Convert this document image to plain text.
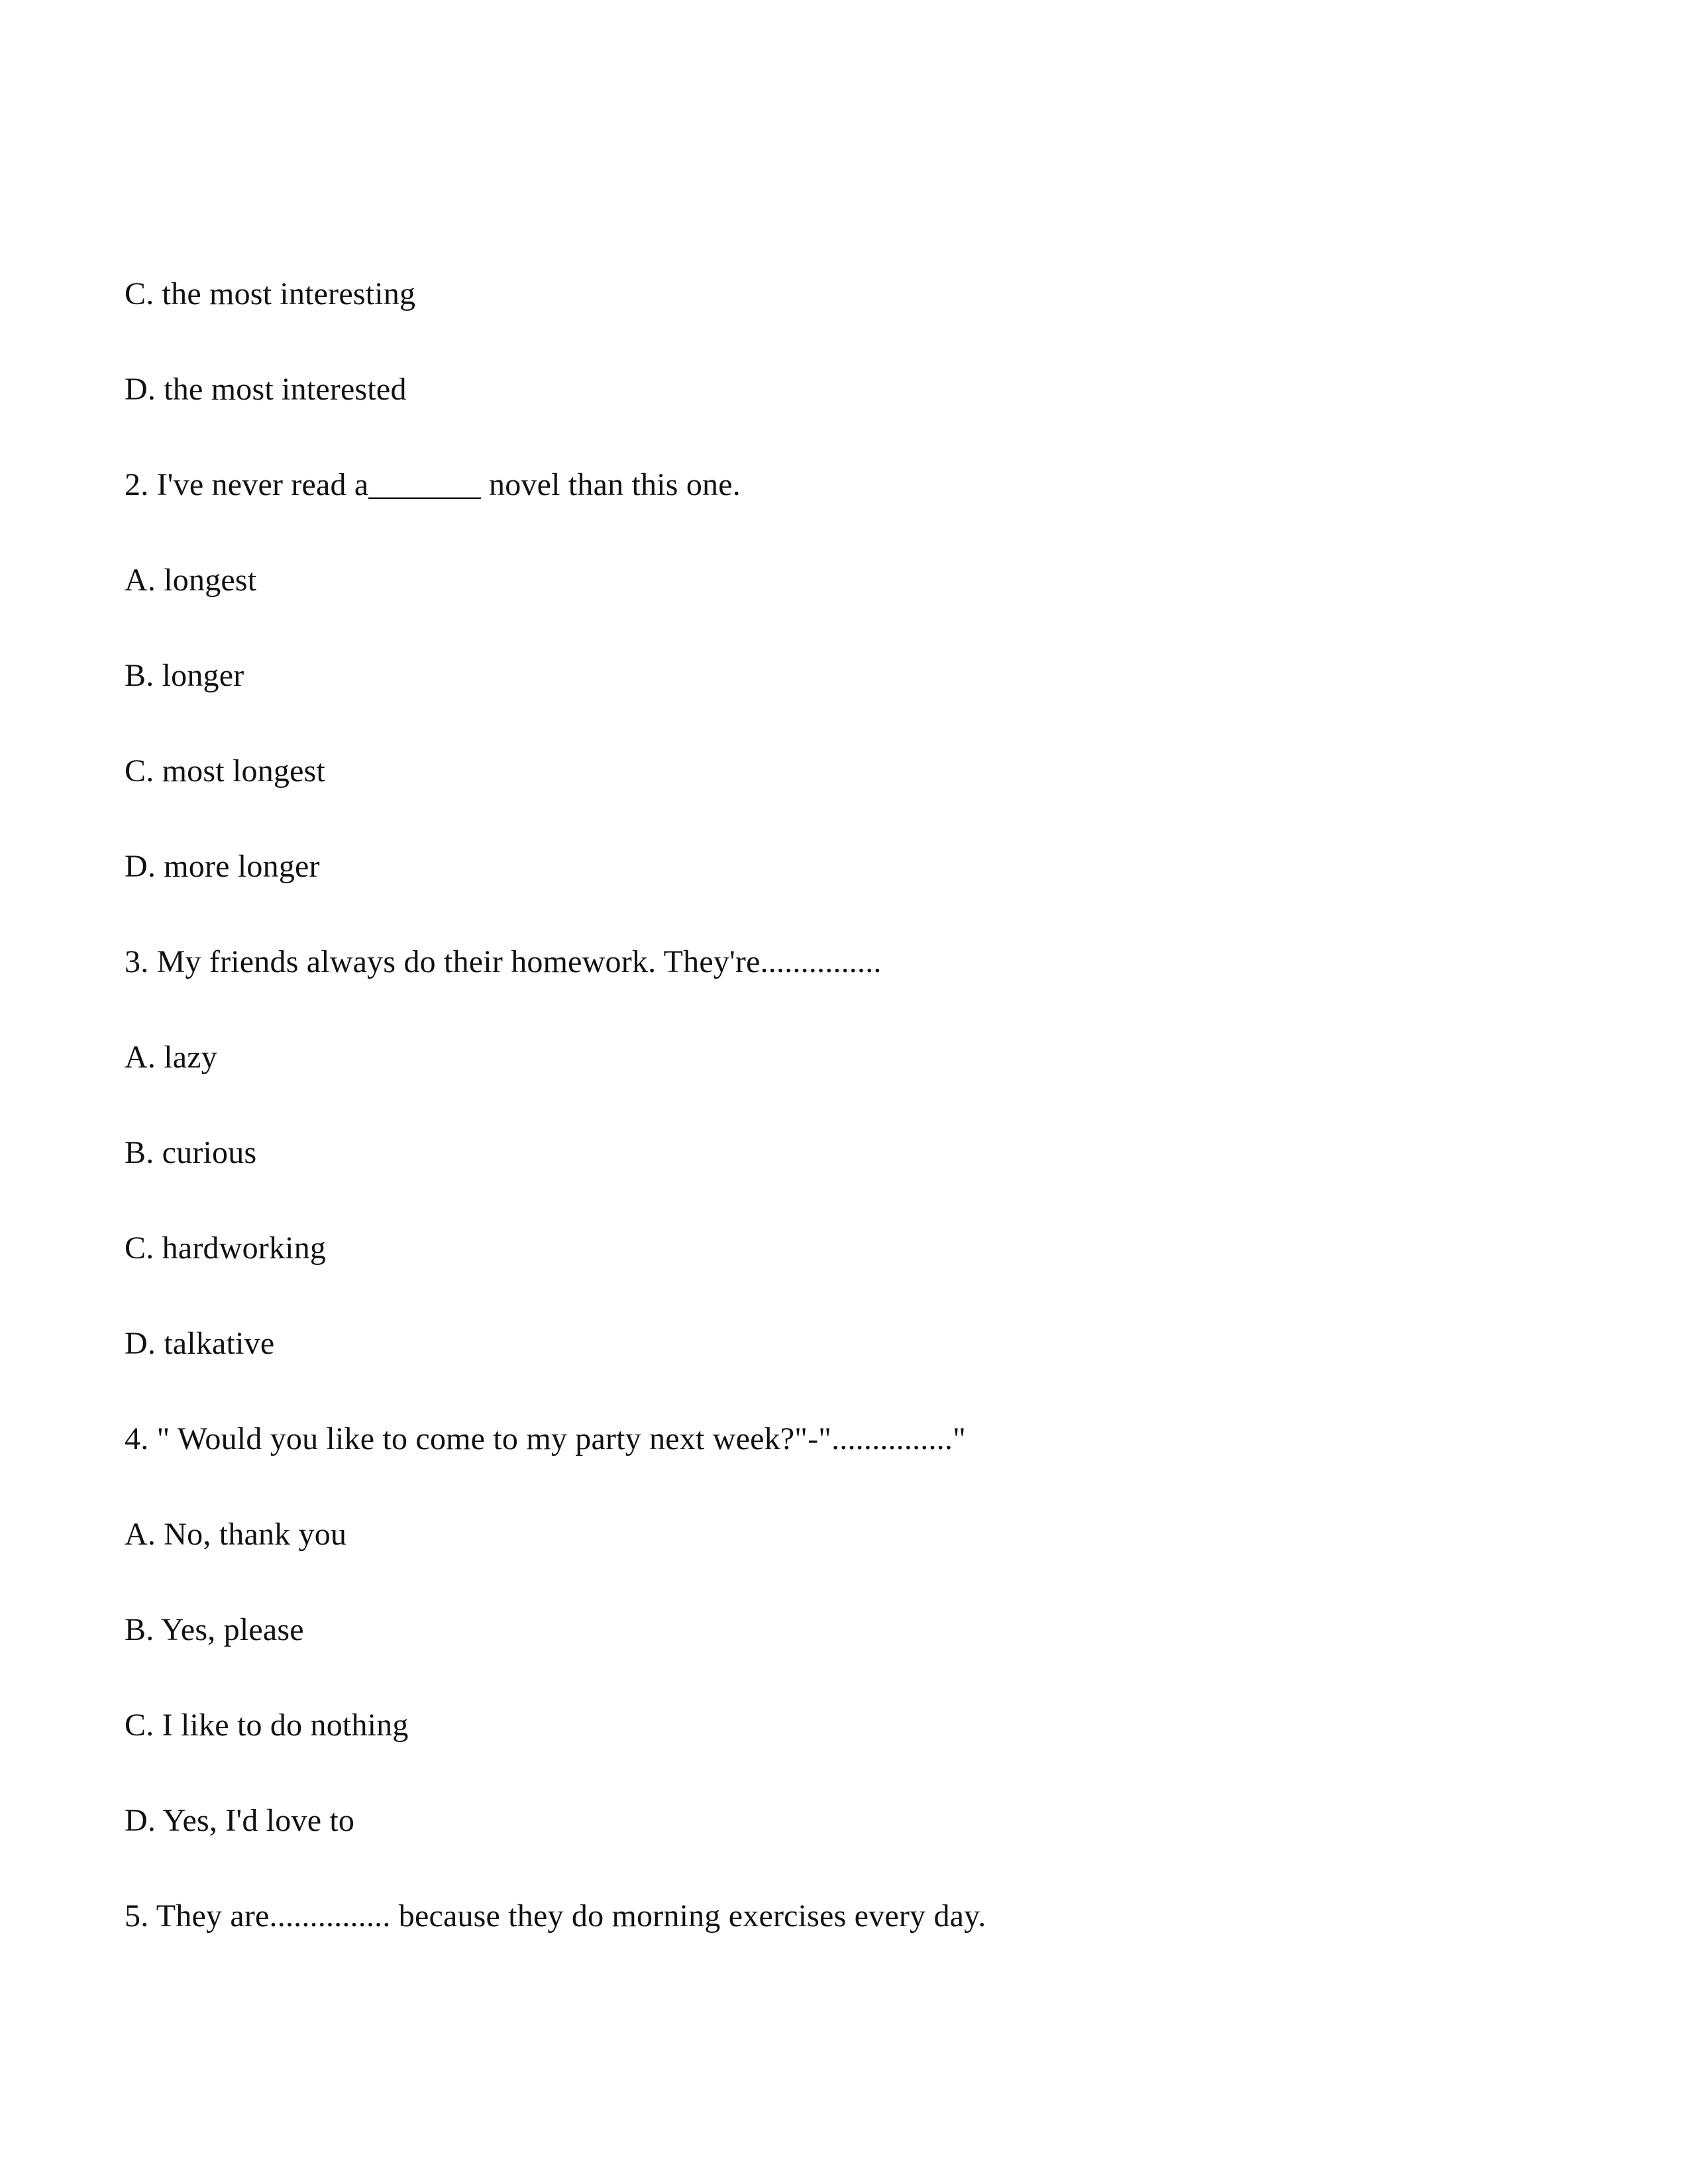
C. the most interesting
D. the most interested
2. I've never read a_______ novel than this one.
A. longest
B. longer
C. most longest
D. more longer
3. My friends always do their homework. They're...............
A. lazy
B. curious
C. hardworking
D. talkative
4. " Would you like to come to my party next week?"-"..............."
A. No, thank you
B. Yes, please
C. I like to do nothing
D. Yes, I'd love to
5. They are............... because they do morning exercises every day.
